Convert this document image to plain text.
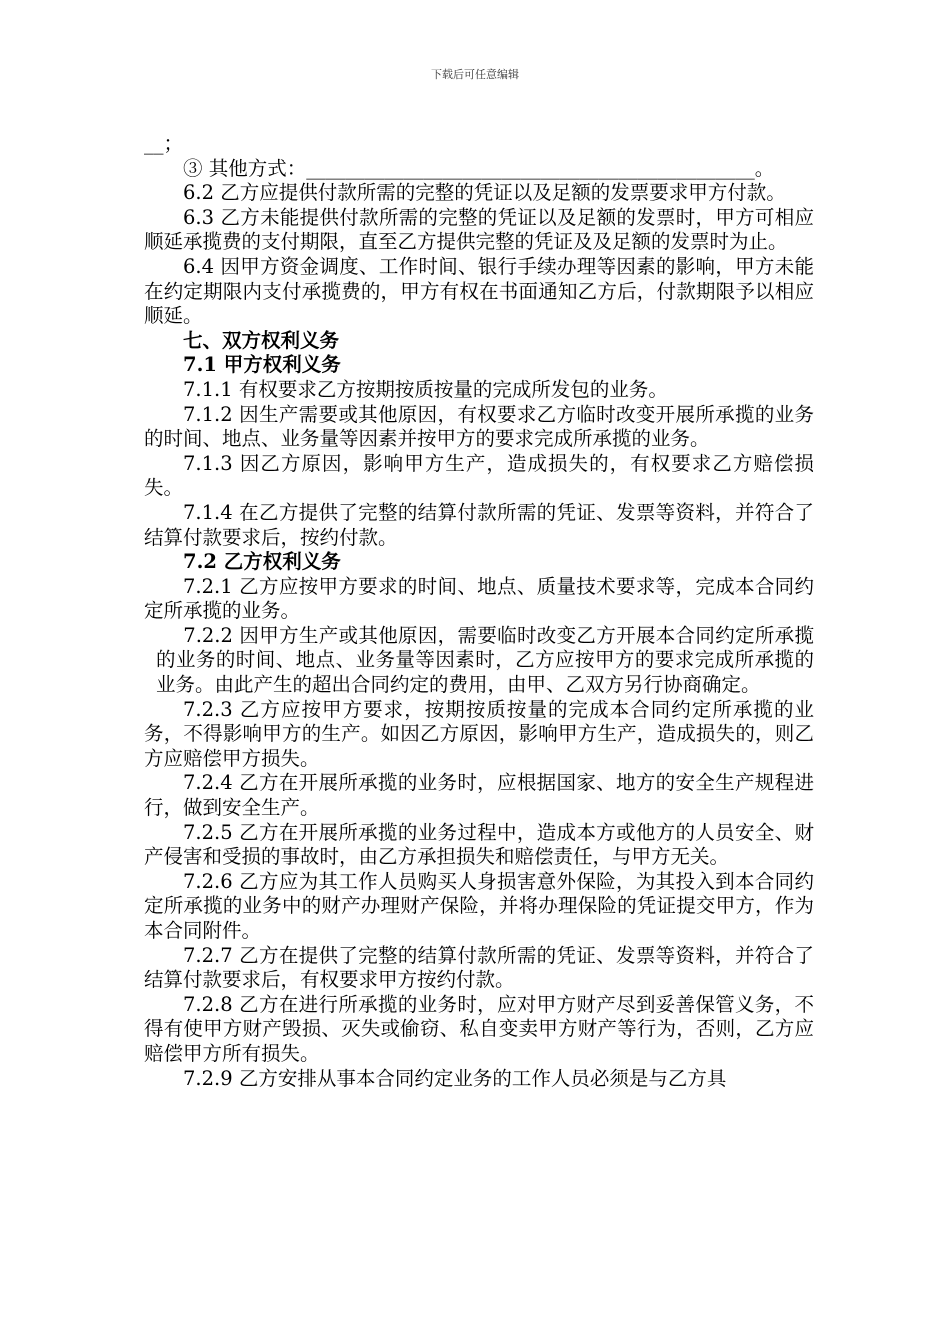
下载后可任意编辑

__；

③ 其他方式：______________________________________________。

6.2 乙方应提供付款所需的完整的凭证以及足额的发票要求甲方付款。

6.3 乙方未能提供付款所需的完整的凭证以及足额的发票时，甲方可相应顺延承揽费的支付期限，直至乙方提供完整的凭证及及足额的发票时为止。

6.4 因甲方资金调度、工作时间、银行手续办理等因素的影响，甲方未能在约定期限内支付承揽费的，甲方有权在书面通知乙方后，付款期限予以相应顺延。

七、双方权利义务

7.1 甲方权利义务

7.1.1 有权要求乙方按期按质按量的完成所发包的业务。

7.1.2 因生产需要或其他原因，有权要求乙方临时改变开展所承揽的业务的时间、地点、业务量等因素并按甲方的要求完成所承揽的业务。

7.1.3 因乙方原因，影响甲方生产，造成损失的，有权要求乙方赔偿损失。

7.1.4 在乙方提供了完整的结算付款所需的凭证、发票等资料，并符合了结算付款要求后，按约付款。

7.2 乙方权利义务

7.2.1 乙方应按甲方要求的时间、地点、质量技术要求等，完成本合同约定所承揽的业务。

7.2.2 因甲方生产或其他原因，需要临时改变乙方开展本合同约定所承揽的业务的时间、地点、业务量等因素时，乙方应按甲方的要求完成所承揽的业务。由此产生的超出合同约定的费用，由甲、乙双方另行协商确定。

7.2.3 乙方应按甲方要求，按期按质按量的完成本合同约定所承揽的业务，不得影响甲方的生产。如因乙方原因，影响甲方生产，造成损失的，则乙方应赔偿甲方损失。

7.2.4 乙方在开展所承揽的业务时，应根据国家、地方的安全生产规程进行，做到安全生产。

7.2.5 乙方在开展所承揽的业务过程中，造成本方或他方的人员安全、财产侵害和受损的事故时，由乙方承担损失和赔偿责任，与甲方无关。

7.2.6 乙方应为其工作人员购买人身损害意外保险，为其投入到本合同约定所承揽的业务中的财产办理财产保险，并将办理保险的凭证提交甲方，作为本合同附件。

7.2.7 乙方在提供了完整的结算付款所需的凭证、发票等资料，并符合了结算付款要求后，有权要求甲方按约付款。

7.2.8 乙方在进行所承揽的业务时，应对甲方财产尽到妥善保管义务，不得有使甲方财产毁损、灭失或偷窃、私自变卖甲方财产等行为，否则，乙方应赔偿甲方所有损失。

7.2.9 乙方安排从事本合同约定业务的工作人员必须是与乙方具
